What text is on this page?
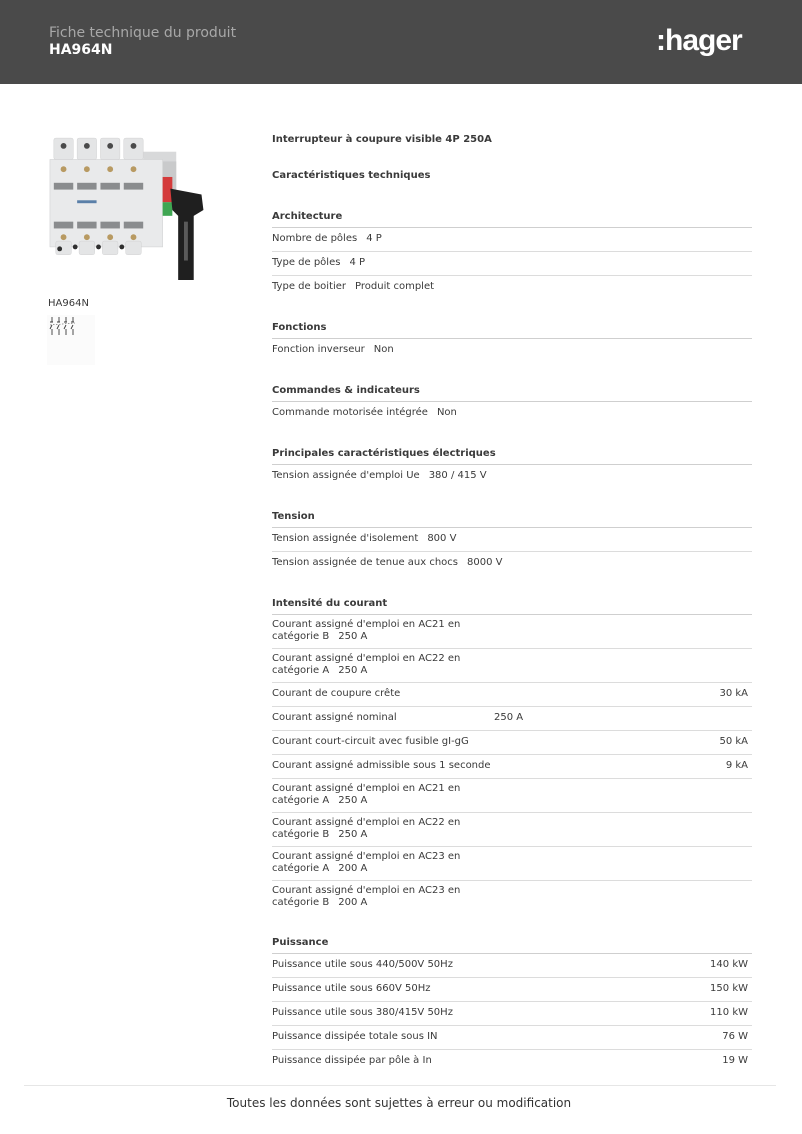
Fiche technique du produit
HA964N	:hager
HA964N
Interrupteur à coupure visible 4P 250A
Caractéristiques techniques
Architecture
Nombre de pôles 4 P
Type de pôles 4 P
Type de boitier Produit complet
Fonctions
Fonction inverseur Non
Commandes & indicateurs
Commande motorisée intégrée Non
Principales caractéristiques électriques
Tension assignée d'emploi Ue 380 / 415 V
Tension
Tension assignée d'isolement 800 V
Tension assignée de tenue aux chocs 8000 V
Intensité du courant
Courant assigné d'emploi en AC21 en
catégorie B 250 A
Courant assigné d'emploi en AC22 en
catégorie A 250 A
Courant de coupure crête	30 kA
Courant assigné nominal	250 A
Courant court-circuit avec fusible gI-gG	50 kA
Courant assigné admissible sous 1 seconde	9 kA
Courant assigné d'emploi en AC21 en
catégorie A 250 A
Courant assigné d'emploi en AC22 en
catégorie B 250 A
Courant assigné d'emploi en AC23 en
catégorie A 200 A
Courant assigné d'emploi en AC23 en
catégorie B 200 A
Puissance
Puissance utile sous 440/500V 50Hz	140 kW
Puissance utile sous 660V 50Hz	150 kW
Puissance utile sous 380/415V 50Hz	110 kW
Puissance dissipée totale sous IN	76 W
Puissance dissipée par pôle à In	19 W
Toutes les données sont sujettes à erreur ou modification
